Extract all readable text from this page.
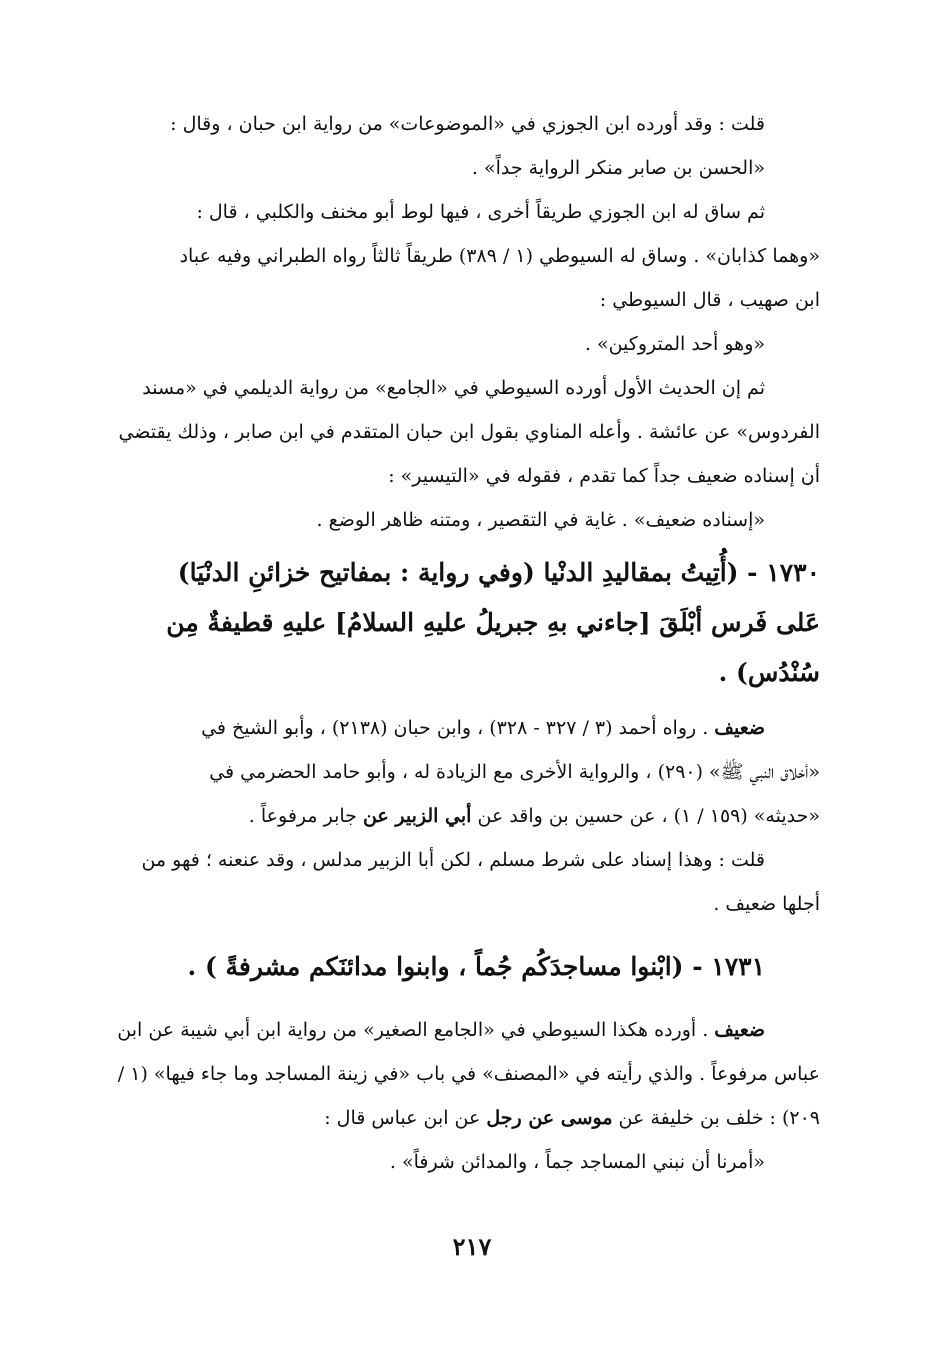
قلت : وقد أورده ابن الجوزي في «الموضوعات» من رواية ابن حبان ، وقال :
«الحسن بن صابر منكر الرواية جداً» .

ثم ساق له ابن الجوزي طريقاً أخرى ، فيها لوط أبو مخنف والكلبي ، قال :

«وهما كذابان» . وساق له السيوطي (١ / ٣٨٩) طريقاً ثالثاً رواه الطبراني وفيه عباد
ابن صهيب ، قال السيوطي :

«وهو أحد المتروكين» .

ثم إن الحديث الأول أورده السيوطي في «الجامع» من رواية الديلمي في «مسند

الفردوس» عن عائشة . وأعله المناوي بقول ابن حبان المتقدم في ابن صابر ، وذلك يقتضي
أن إسناده ضعيف جداً كما تقدم ، فقوله في «التيسير» :

«إسناده ضعيف» . غاية في التقصير ، ومتنه ظاهر الوضع .

١٧٣٠ - (أُتِيتُ بمقاليدِ الدنْيا (وفي رواية : بمفاتيح خزائنِ الدنْيَا)
عَلى فَرس أبْلَقَ [جاءني بهِ جبريلُ عليهِ السلامُ] عليهِ قطيفةٌ مِن سُنْدُس) .

ضعيف . رواه أحمد (٣ / ٣٢٧ - ٣٢٨) ، وابن حبان (٢١٣٨) ، وأبو الشيخ في

«أخلاق النبي ﷺ» (٢٩٠) ، والرواية الأخرى مع الزيادة له ، وأبو حامد الحضرمي في
«حديثه» (١٥٩ / ١) ، عن حسين بن واقد عن أبي الزبير عن جابر مرفوعاً .

قلت : وهذا إسناد على شرط مسلم ، لكن أبا الزبير مدلس ، وقد عنعنه ؛ فهو من

أجلها ضعيف .

١٧٣١ - (ابْنوا مساجدَكُم جُماً ، وابنوا مدائنَكم مشرفةً ) .

ضعيف . أورده هكذا السيوطي في «الجامع الصغير» من رواية ابن أبي شيبة عن ابن

عباس مرفوعاً . والذي رأيته في «المصنف» في باب «في زينة المساجد وما جاء فيها» (١ /
٢٠٩) : خلف بن خليفة عن موسى عن رجل عن ابن عباس قال :

«أمرنا أن نبني المساجد جماً ، والمدائن شرفاً» .

٢١٧
